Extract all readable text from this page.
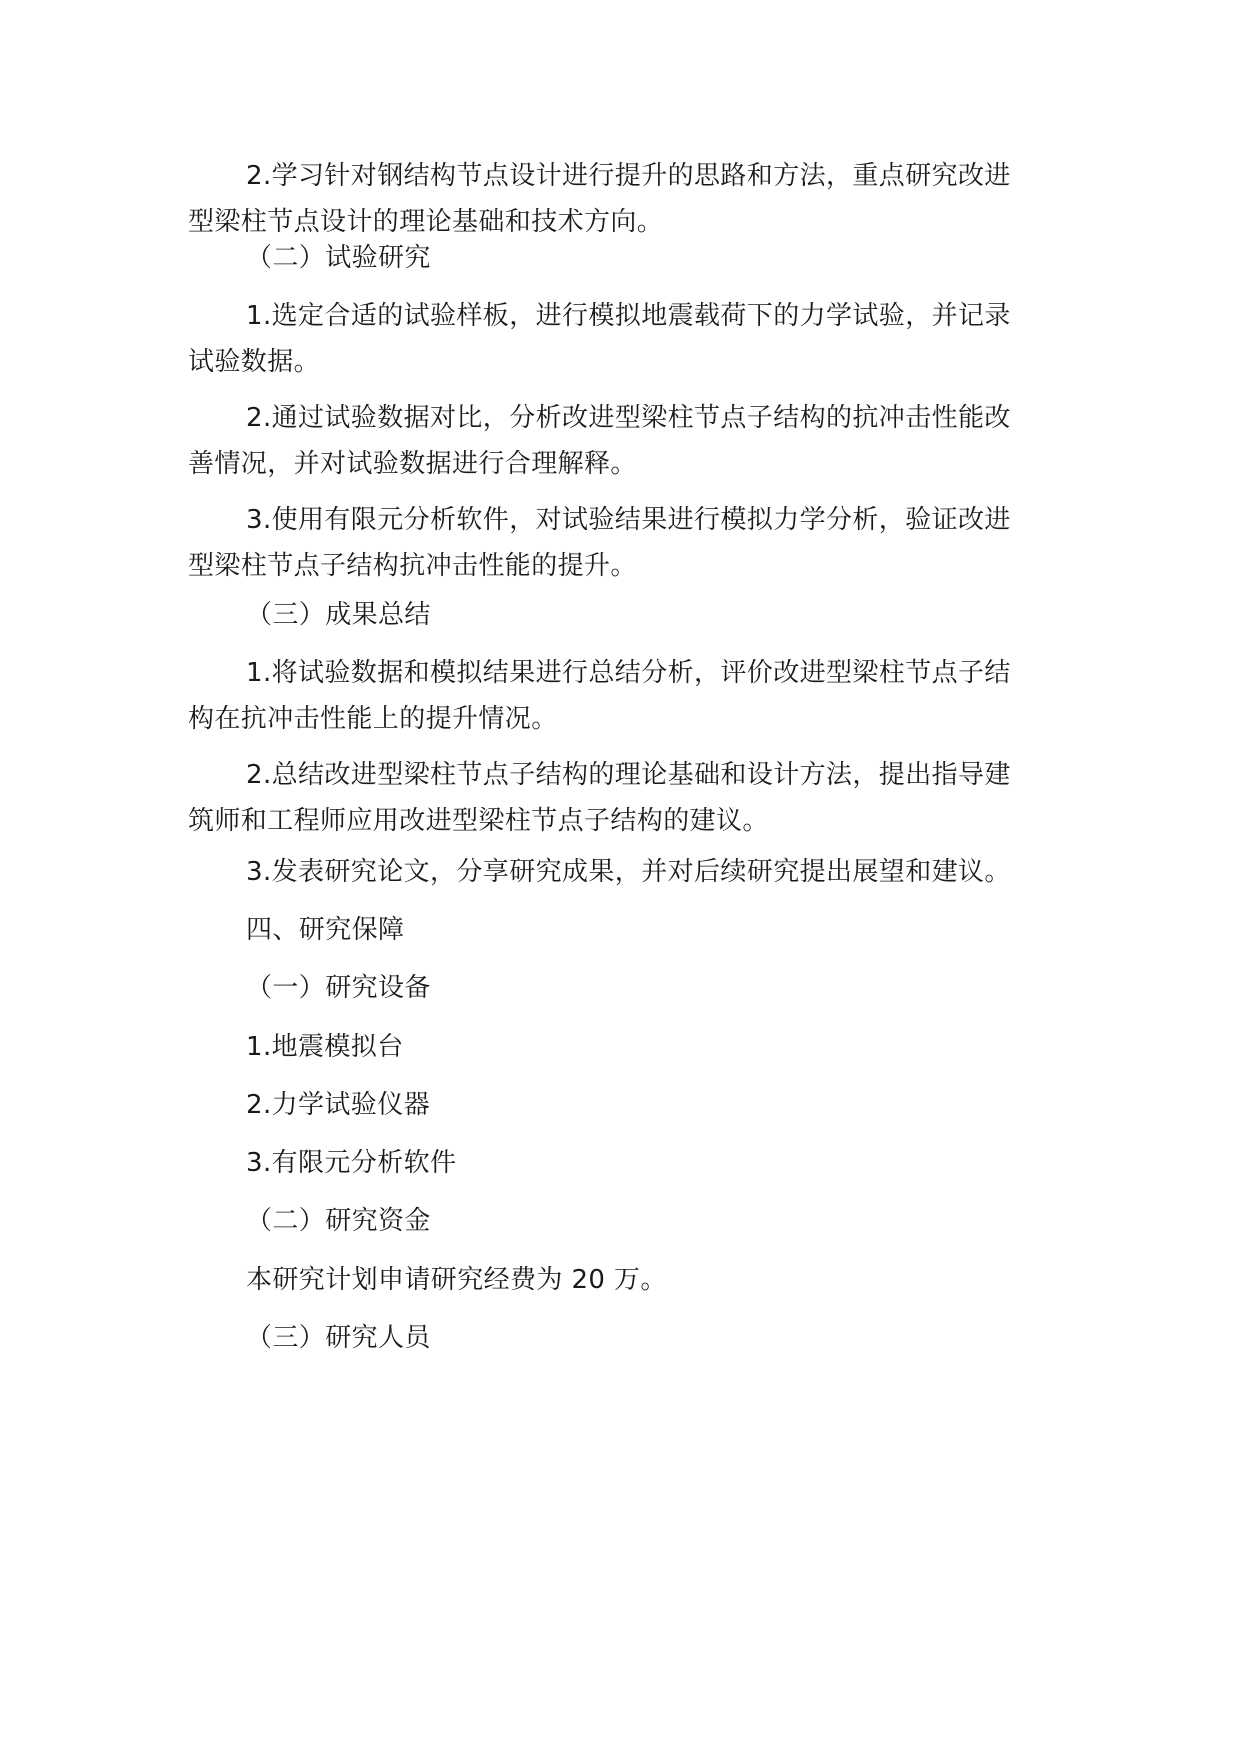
2.学习针对钢结构节点设计进行提升的思路和方法，重点研究改进型梁柱节点设计的理论基础和技术方向。

（二）试验研究

1.选定合适的试验样板，进行模拟地震载荷下的力学试验，并记录试验数据。

2.通过试验数据对比，分析改进型梁柱节点子结构的抗冲击性能改善情况，并对试验数据进行合理解释。

3.使用有限元分析软件，对试验结果进行模拟力学分析，验证改进型梁柱节点子结构抗冲击性能的提升。

（三）成果总结

1.将试验数据和模拟结果进行总结分析，评价改进型梁柱节点子结构在抗冲击性能上的提升情况。

2.总结改进型梁柱节点子结构的理论基础和设计方法，提出指导建筑师和工程师应用改进型梁柱节点子结构的建议。

3.发表研究论文，分享研究成果，并对后续研究提出展望和建议。

四、研究保障

（一）研究设备

1.地震模拟台

2.力学试验仪器

3.有限元分析软件

（二）研究资金

本研究计划申请研究经费为 20 万。

（三）研究人员
